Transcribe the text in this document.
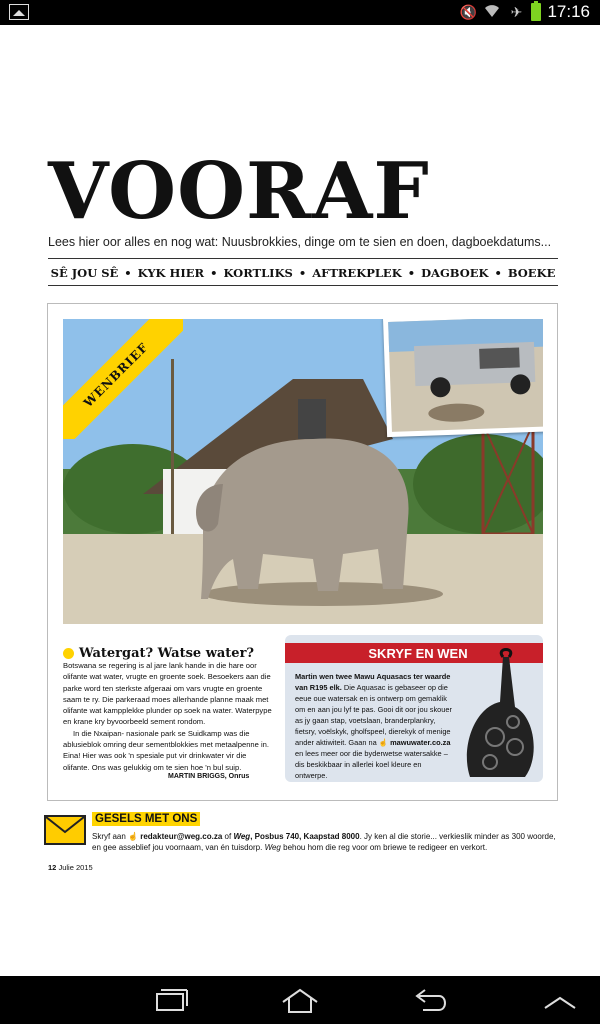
🔇 ✈ 17:16
VOORAF
Lees hier oor alles en nog wat: Nuusbrokkies, dinge om te sien en doen, dagboekdatums...
SÊ JOU SÊ • KYK HIER • KORTLIKS • AFTREKPLEK • DAGBOEK • BOEKE
WENBRIEF
Watergat? Watse water?

Botswana se regering is al jare lank hande in die hare oor olifante wat water, vrugte en groente soek. Besoekers aan die parke word ten sterkste afgeraai om vars vrugte en groente saam te ry. Die parkeraad moes allerhande planne maak met olifante wat kampplekke plunder op soek na water. Waterpype en krane kry byvoorbeeld sement rondom.

In die Nxaipan- nasionale park se Suidkamp was die ablusieblok omring deur sementblokkies met metaalpenne in. Eina! Hier was ook 'n spesiale put vir drinkwater vir die olifante. Ons was gelukkig om te sien hoe 'n bul suip.

MARTIN BRIGGS, Onrus
SKRYF EN WEN
Martin wen twee Mawu Aquasacs ter waarde van R195 elk. Die Aquasac is gebaseer op die eeue oue watersak en is ontwerp om gemaklik om en aan jou lyf te pas. Gooi dit oor jou skouer as jy gaan stap, voetslaan, branderplankry, fietsry, voëlskyk, gholfspeel, dierekyk of menige ander aktiwiteit. Gaan na ☝ mawuwater.co.za en lees meer oor die byderwetse watersakke – dis beskikbaar in allerlei koel kleure en ontwerpe.
GESELS MET ONS
Skryf aan ☝ redakteur@weg.co.za of Weg, Posbus 740, Kaapstad 8000. Jy ken al die storie... verkieslik minder as 300 woorde, en gee asseblief jou voornaam, van én tuisdorp. Weg behou hom die reg voor om briewe te redigeer en verkort.
12 Julie 2015
